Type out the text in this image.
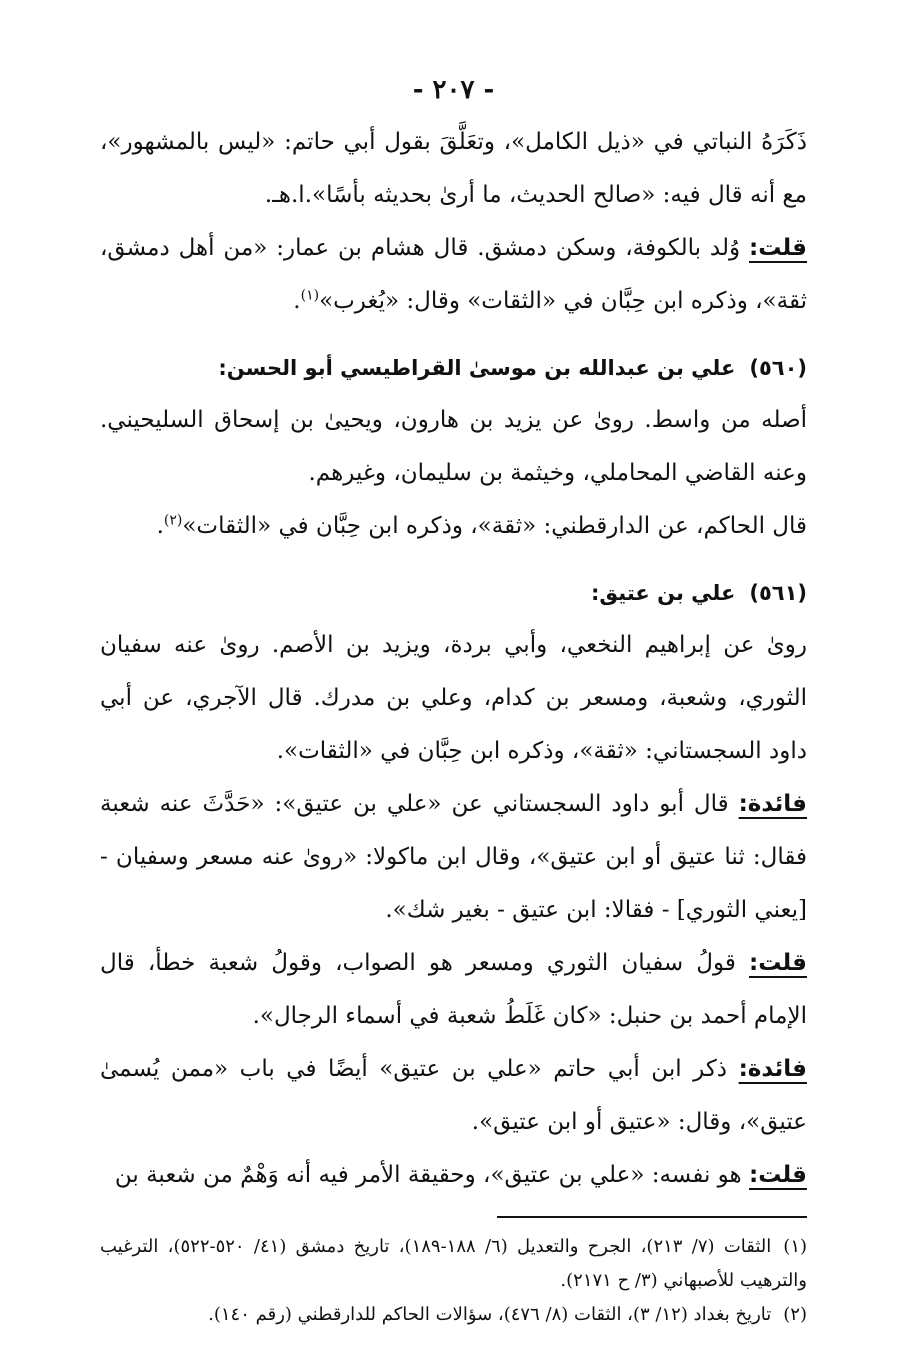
- ٢٠٧ -

ذَكَرَهُ النباتي في «ذيل الكامل»، وتعَلَّقَ بقول أبي حاتم: «ليس بالمشهور»، مع أنه قال فيه: «صالح الحديث، ما أرىٰ بحديثه بأسًا».ا.هـ.

قلت: وُلد بالكوفة، وسكن دمشق. قال هشام بن عمار: «من أهل دمشق، ثقة»، وذكره ابن حِبَّان في «الثقات» وقال: «يُغرب»$^{(١)}$.

(٥٦٠)علي بن عبدالله بن موسىٰ القراطيسي أبو الحسن:

أصله من واسط. روىٰ عن يزيد بن هارون، ويحيىٰ بن إسحاق السليحيني. وعنه القاضي المحاملي، وخيثمة بن سليمان، وغيرهم.

قال الحاكم، عن الدارقطني: «ثقة»، وذكره ابن حِبَّان في «الثقات»$^{(٢)}$.

(٥٦١)علي بن عتيق:

روىٰ عن إبراهيم النخعي، وأبي بردة، ويزيد بن الأصم. روىٰ عنه سفيان الثوري، وشعبة، ومسعر بن كدام، وعلي بن مدرك. قال الآجري، عن أبي داود السجستاني: «ثقة»، وذكره ابن حِبَّان في «الثقات».

فائدة: قال أبو داود السجستاني عن «علي بن عتيق»: «حَدَّثَ عنه شعبة فقال: ثنا عتيق أو ابن عتيق»، وقال ابن ماكولا: «روىٰ عنه مسعر وسفيان - [يعني الثوري] - فقالا: ابن عتيق - بغير شك».

قلت: قولُ سفيان الثوري ومسعر هو الصواب، وقولُ شعبة خطأ، قال الإمام أحمد بن حنبل: «كان غَلَطُ شعبة في أسماء الرجال».

فائدة: ذكر ابن أبي حاتم «علي بن عتيق» أيضًا في باب «ممن يُسمىٰ عتيق»، وقال: «عتيق أو ابن عتيق».

قلت: هو نفسه: «علي بن عتيق»، وحقيقة الأمر فيه أنه وَهْمٌ من شعبة بن

(١)الثقات (٧/ ٢١٣)، الجرح والتعديل (٦/ ١٨٨-١٨٩)، تاريخ دمشق (٤١/ ٥٢٠-٥٢٢)، الترغيب والترهيب للأصبهاني (٣/ ح ٢١٧١).
(٢)تاريخ بغداد (١٢/ ٣)، الثقات (٨/ ٤٧٦)، سؤالات الحاكم للدارقطني (رقم ١٤٠).
